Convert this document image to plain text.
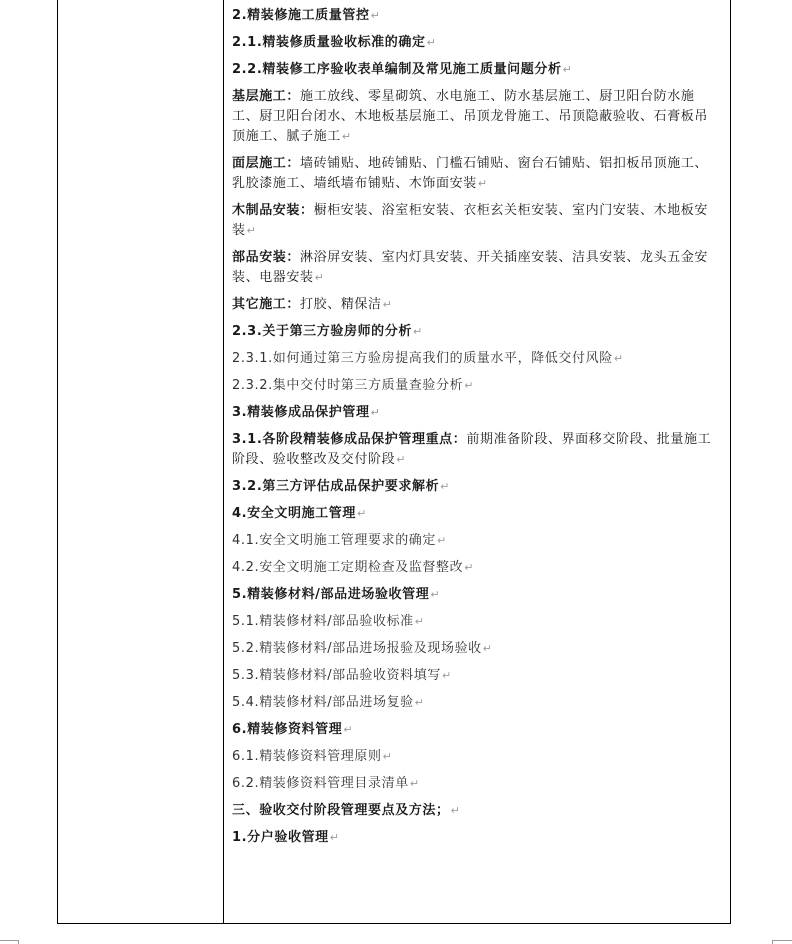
2.精装修施工质量管控↵

2.1.精装修质量验收标准的确定↵

2.2.精装修工序验收表单编制及常见施工质量问题分析↵

基层施工：施工放线、零星砌筑、水电施工、防水基层施工、厨卫阳台防水施工、厨卫阳台闭水、木地板基层施工、吊顶龙骨施工、吊顶隐蔽验收、石膏板吊顶施工、腻子施工↵

面层施工：墙砖铺贴、地砖铺贴、门槛石铺贴、窗台石铺贴、铝扣板吊顶施工、乳胶漆施工、墙纸墙布铺贴、木饰面安装↵

木制品安装：橱柜安装、浴室柜安装、衣柜玄关柜安装、室内门安装、木地板安装↵

部品安装：淋浴屏安装、室内灯具安装、开关插座安装、洁具安装、龙头五金安装、电器安装↵

其它施工：打胶、精保洁↵

2.3.关于第三方验房师的分析↵

2.3.1.如何通过第三方验房提高我们的质量水平，降低交付风险↵

2.3.2.集中交付时第三方质量查验分析↵

3.精装修成品保护管理↵

3.1.各阶段精装修成品保护管理重点：前期准备阶段、界面移交阶段、批量施工阶段、验收整改及交付阶段↵

3.2.第三方评估成品保护要求解析↵

4.安全文明施工管理↵

4.1.安全文明施工管理要求的确定↵

4.2.安全文明施工定期检查及监督整改↵

5.精装修材料/部品进场验收管理↵

5.1.精装修材料/部品验收标准↵

5.2.精装修材料/部品进场报验及现场验收↵

5.3.精装修材料/部品验收资料填写↵

5.4.精装修材料/部品进场复验↵

6.精装修资料管理↵

6.1.精装修资料管理原则↵

6.2.精装修资料管理目录清单↵

三、验收交付阶段管理要点及方法；↵

1.分户验收管理↵
